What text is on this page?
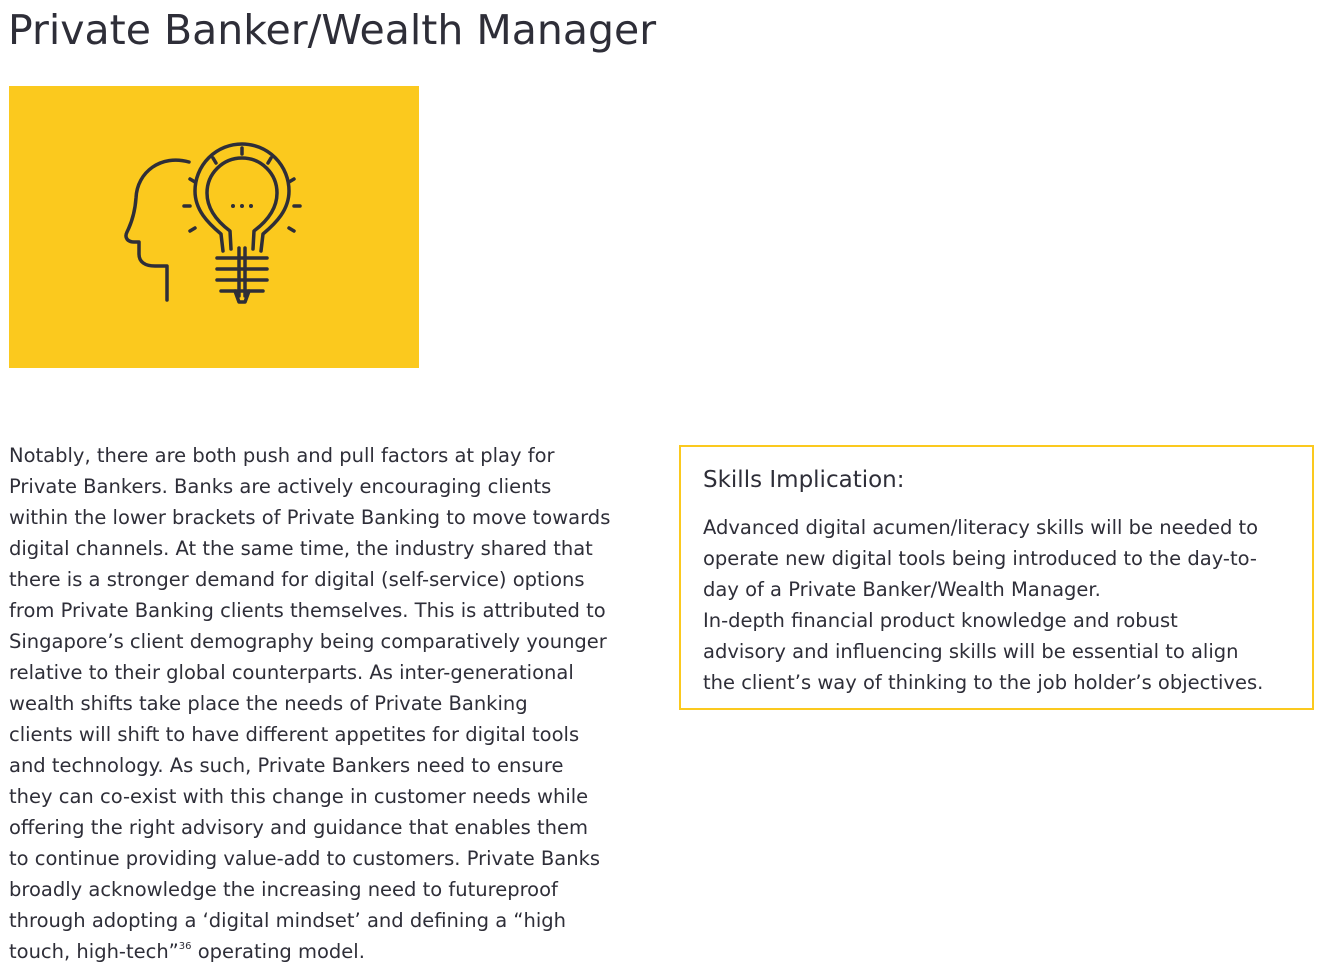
Private Banker/Wealth Manager

Notably, there are both push and pull factors at play for
Private Bankers. Banks are actively encouraging clients
within the lower brackets of Private Banking to move towards
digital channels. At the same time, the industry shared that
there is a stronger demand for digital (self-service) options
from Private Banking clients themselves. This is attributed to
Singapore’s client demography being comparatively younger
relative to their global counterparts. As inter-generational
wealth shifts take place the needs of Private Banking
clients will shift to have different appetites for digital tools
and technology. As such, Private Bankers need to ensure
they can co-exist with this change in customer needs while
offering the right advisory and guidance that enables them
to continue providing value-add to customers. Private Banks
broadly acknowledge the increasing need to futureproof
through adopting a ‘digital mindset’ and defining a “high
touch, high-tech”$^{36}$ operating model.

Skills Implication:

Advanced digital acumen/literacy skills will be needed to
operate new digital tools being introduced to the day-to-
day of a Private Banker/Wealth Manager.
In-depth financial product knowledge and robust
advisory and influencing skills will be essential to align
the client’s way of thinking to the job holder’s objectives.
